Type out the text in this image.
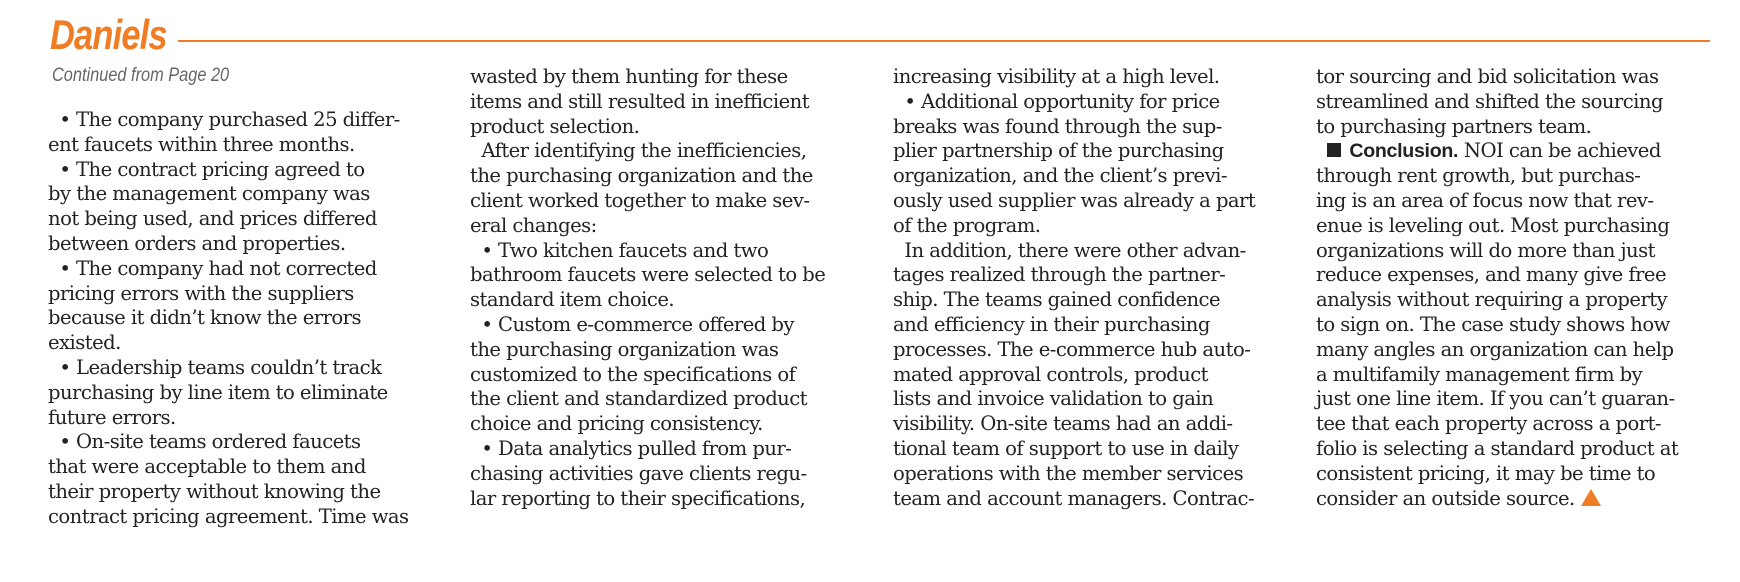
Daniels
Continued from Page 20
• The company purchased 25 differ-
ent faucets within three months.
• The contract pricing agreed to
by the management company was
not being used, and prices differed
between orders and properties.
• The company had not corrected
pricing errors with the suppliers
because it didn’t know the errors
existed.
• Leadership teams couldn’t track
purchasing by line item to eliminate
future errors.
• On-site teams ordered faucets
that were acceptable to them and
their property without knowing the
contract pricing agreement. Time was
wasted by them hunting for these
items and still resulted in inefficient
product selection.
After identifying the inefficiencies,
the purchasing organization and the
client worked together to make sev-
eral changes:
• Two kitchen faucets and two
bathroom faucets were selected to be
standard item choice.
• Custom e-commerce offered by
the purchasing organization was
customized to the specifications of
the client and standardized product
choice and pricing consistency.
• Data analytics pulled from pur-
chasing activities gave clients regu-
lar reporting to their specifications,
increasing visibility at a high level.
• Additional opportunity for price
breaks was found through the sup-
plier partnership of the purchasing
organization, and the client’s previ-
ously used supplier was already a part
of the program.
In addition, there were other advan-
tages realized through the partner-
ship. The teams gained confidence
and efficiency in their purchasing
processes. The e-commerce hub auto-
mated approval controls, product
lists and invoice validation to gain
visibility. On-site teams had an addi-
tional team of support to use in daily
operations with the member services
team and account managers. Contrac-
tor sourcing and bid solicitation was
streamlined and shifted the sourcing
to purchasing partners team.
Conclusion. NOI can be achieved
through rent growth, but purchas-
ing is an area of focus now that rev-
enue is leveling out. Most purchasing
organizations will do more than just
reduce expenses, and many give free
analysis without requiring a property
to sign on. The case study shows how
many angles an organization can help
a multifamily management firm by
just one line item. If you can’t guaran-
tee that each property across a port-
folio is selecting a standard product at
consistent pricing, it may be time to
consider an outside source.
